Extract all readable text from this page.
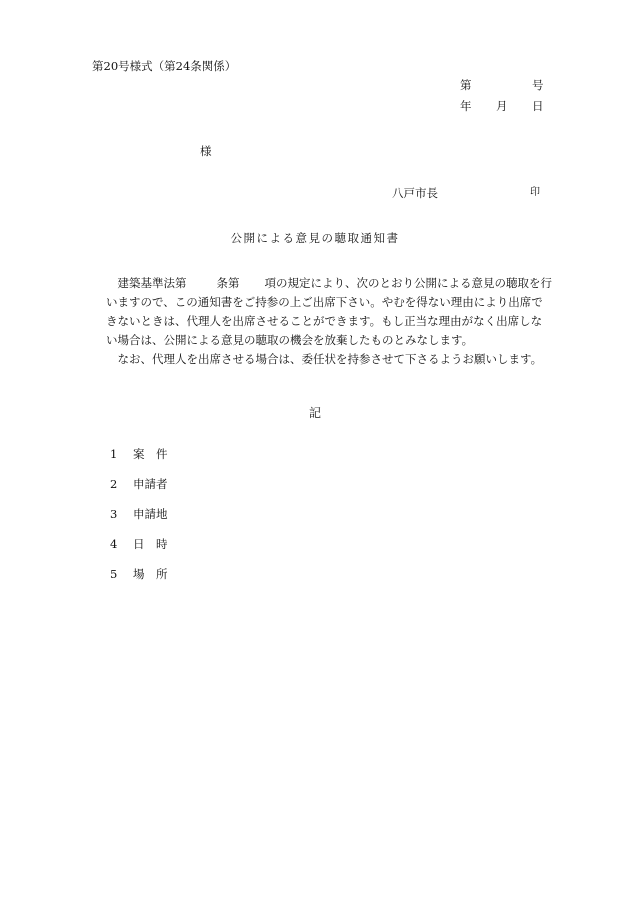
第20号様式（第24条関係）
第	号
年 月 日
様
八戸市長	印
公開による意見の聴取通知書

建築基準法第	条第 項の規定により、次のとおり公開による意見の聴取を行いますので、この通知書をご持参の上ご出席下さい。やむを得ない理由により出席できないときは、代理人を出席させることができます。もし正当な理由がなく出席しない場合は、公開による意見の聴取の機会を放棄したものとみなします。

なお、代理人を出席させる場合は、委任状を持参させて下さるようお願いします。

記
1	案　件
2	申請者
3	申請地
4	日　時
5	場　所
